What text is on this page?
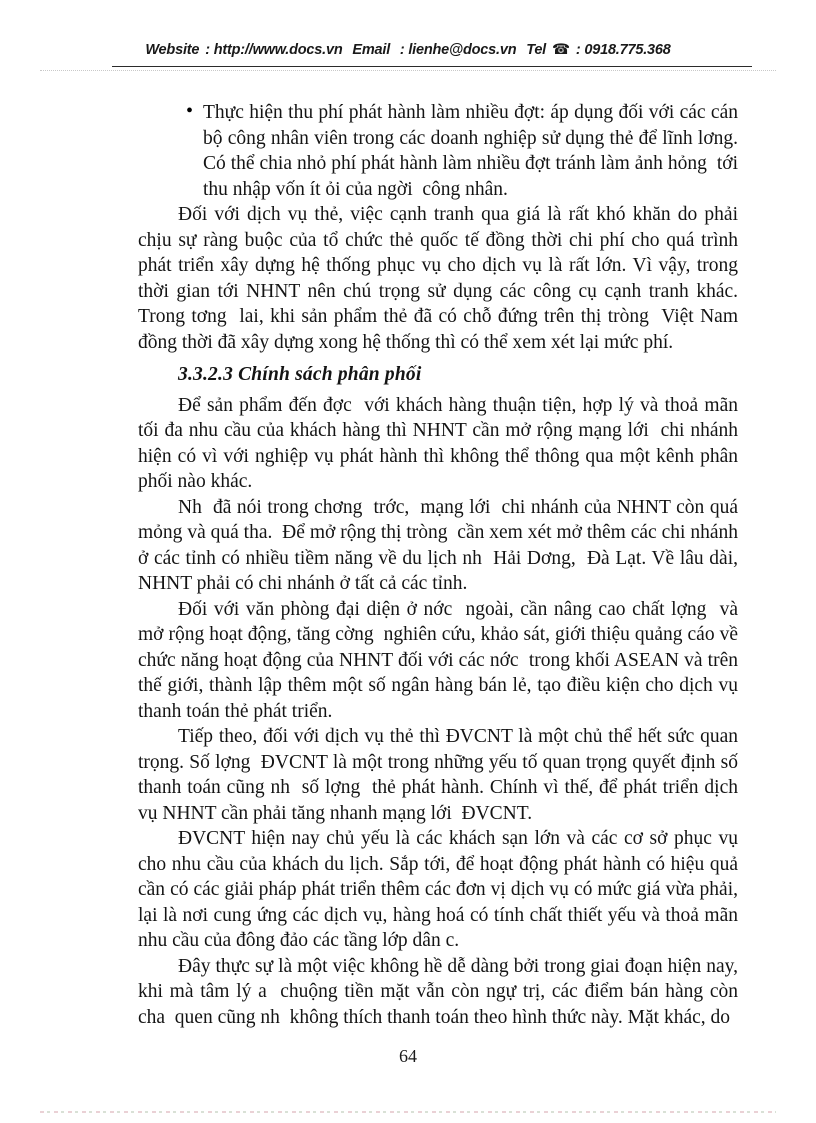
Website : http://www.docs.vn Email : lienhe@docs.vn Tel ☎ : 0918.775.368
• Thực hiện thu phí phát hành làm nhiều đợt: áp dụng đối với các cán bộ công nhân viên trong các doanh nghiệp sử dụng thẻ để lĩnh lơng. Có thể chia nhỏ phí phát hành làm nhiều đợt tránh làm ảnh hỏng  tới thu nhập vốn ít ỏi của ngời  công nhân.

Đối với dịch vụ thẻ, việc cạnh tranh qua giá là rất khó khăn do phải chịu sự ràng buộc của tổ chức thẻ quốc tế đồng thời chi phí cho quá trình phát triển xây dựng hệ thống phục vụ cho dịch vụ là rất lớn. Vì vậy, trong thời gian tới NHNT nên chú trọng sử dụng các công cụ cạnh tranh khác. Trong tơng  lai, khi sản phẩm thẻ đã có chỗ đứng trên thị tròng  Việt Nam đồng thời đã xây dựng xong hệ thống thì có thể xem xét lại mức phí.

3.3.2.3 Chính sách phân phối

Để sản phẩm đến đợc  với khách hàng thuận tiện, hợp lý và thoả mãn tối đa nhu cầu của khách hàng thì NHNT cần mở rộng mạng lới  chi nhánh hiện có vì với nghiệp vụ phát hành thì không thể thông qua một kênh phân phối nào khác.

Nh  đã nói trong chơng  trớc,  mạng lới  chi nhánh của NHNT còn quá mỏng và quá tha.  Để mở rộng thị tròng  cần xem xét mở thêm các chi nhánh ở các tỉnh có nhiều tiềm năng về du lịch nh  Hải Dơng,  Đà Lạt. Về lâu dài, NHNT phải có chi nhánh ở tất cả các tỉnh.

Đối với văn phòng đại diện ở nớc  ngoài, cần nâng cao chất lợng  và mở rộng hoạt động, tăng cờng  nghiên cứu, khảo sát, giới thiệu quảng cáo về chức năng hoạt động của NHNT đối với các nớc  trong khối ASEAN và trên thế giới, thành lập thêm một số ngân hàng bán lẻ, tạo điều kiện cho dịch vụ thanh toán thẻ phát triển.

Tiếp theo, đối với dịch vụ thẻ thì ĐVCNT là một chủ thể hết sức quan trọng. Số lợng  ĐVCNT là một trong những yếu tố quan trọng quyết định số thanh toán cũng nh  số lợng  thẻ phát hành. Chính vì thế, để phát triển dịch vụ NHNT cần phải tăng nhanh mạng lới  ĐVCNT.

ĐVCNT hiện nay chủ yếu là các khách sạn lớn và các cơ sở phục vụ cho nhu cầu của khách du lịch. Sắp tới, để hoạt động phát hành có hiệu quả cần có các giải pháp phát triển thêm các đơn vị dịch vụ có mức giá vừa phải, lại là nơi cung ứng các dịch vụ, hàng hoá có tính chất thiết yếu và thoả mãn nhu cầu của đông đảo các tầng lớp dân c.

Đây thực sự là một việc không hề dễ dàng bởi trong giai đoạn hiện nay, khi mà tâm lý a  chuộng tiền mặt vẫn còn ngự trị, các điểm bán hàng còn cha  quen cũng nh  không thích thanh toán theo hình thức này. Mặt khác, do

64
